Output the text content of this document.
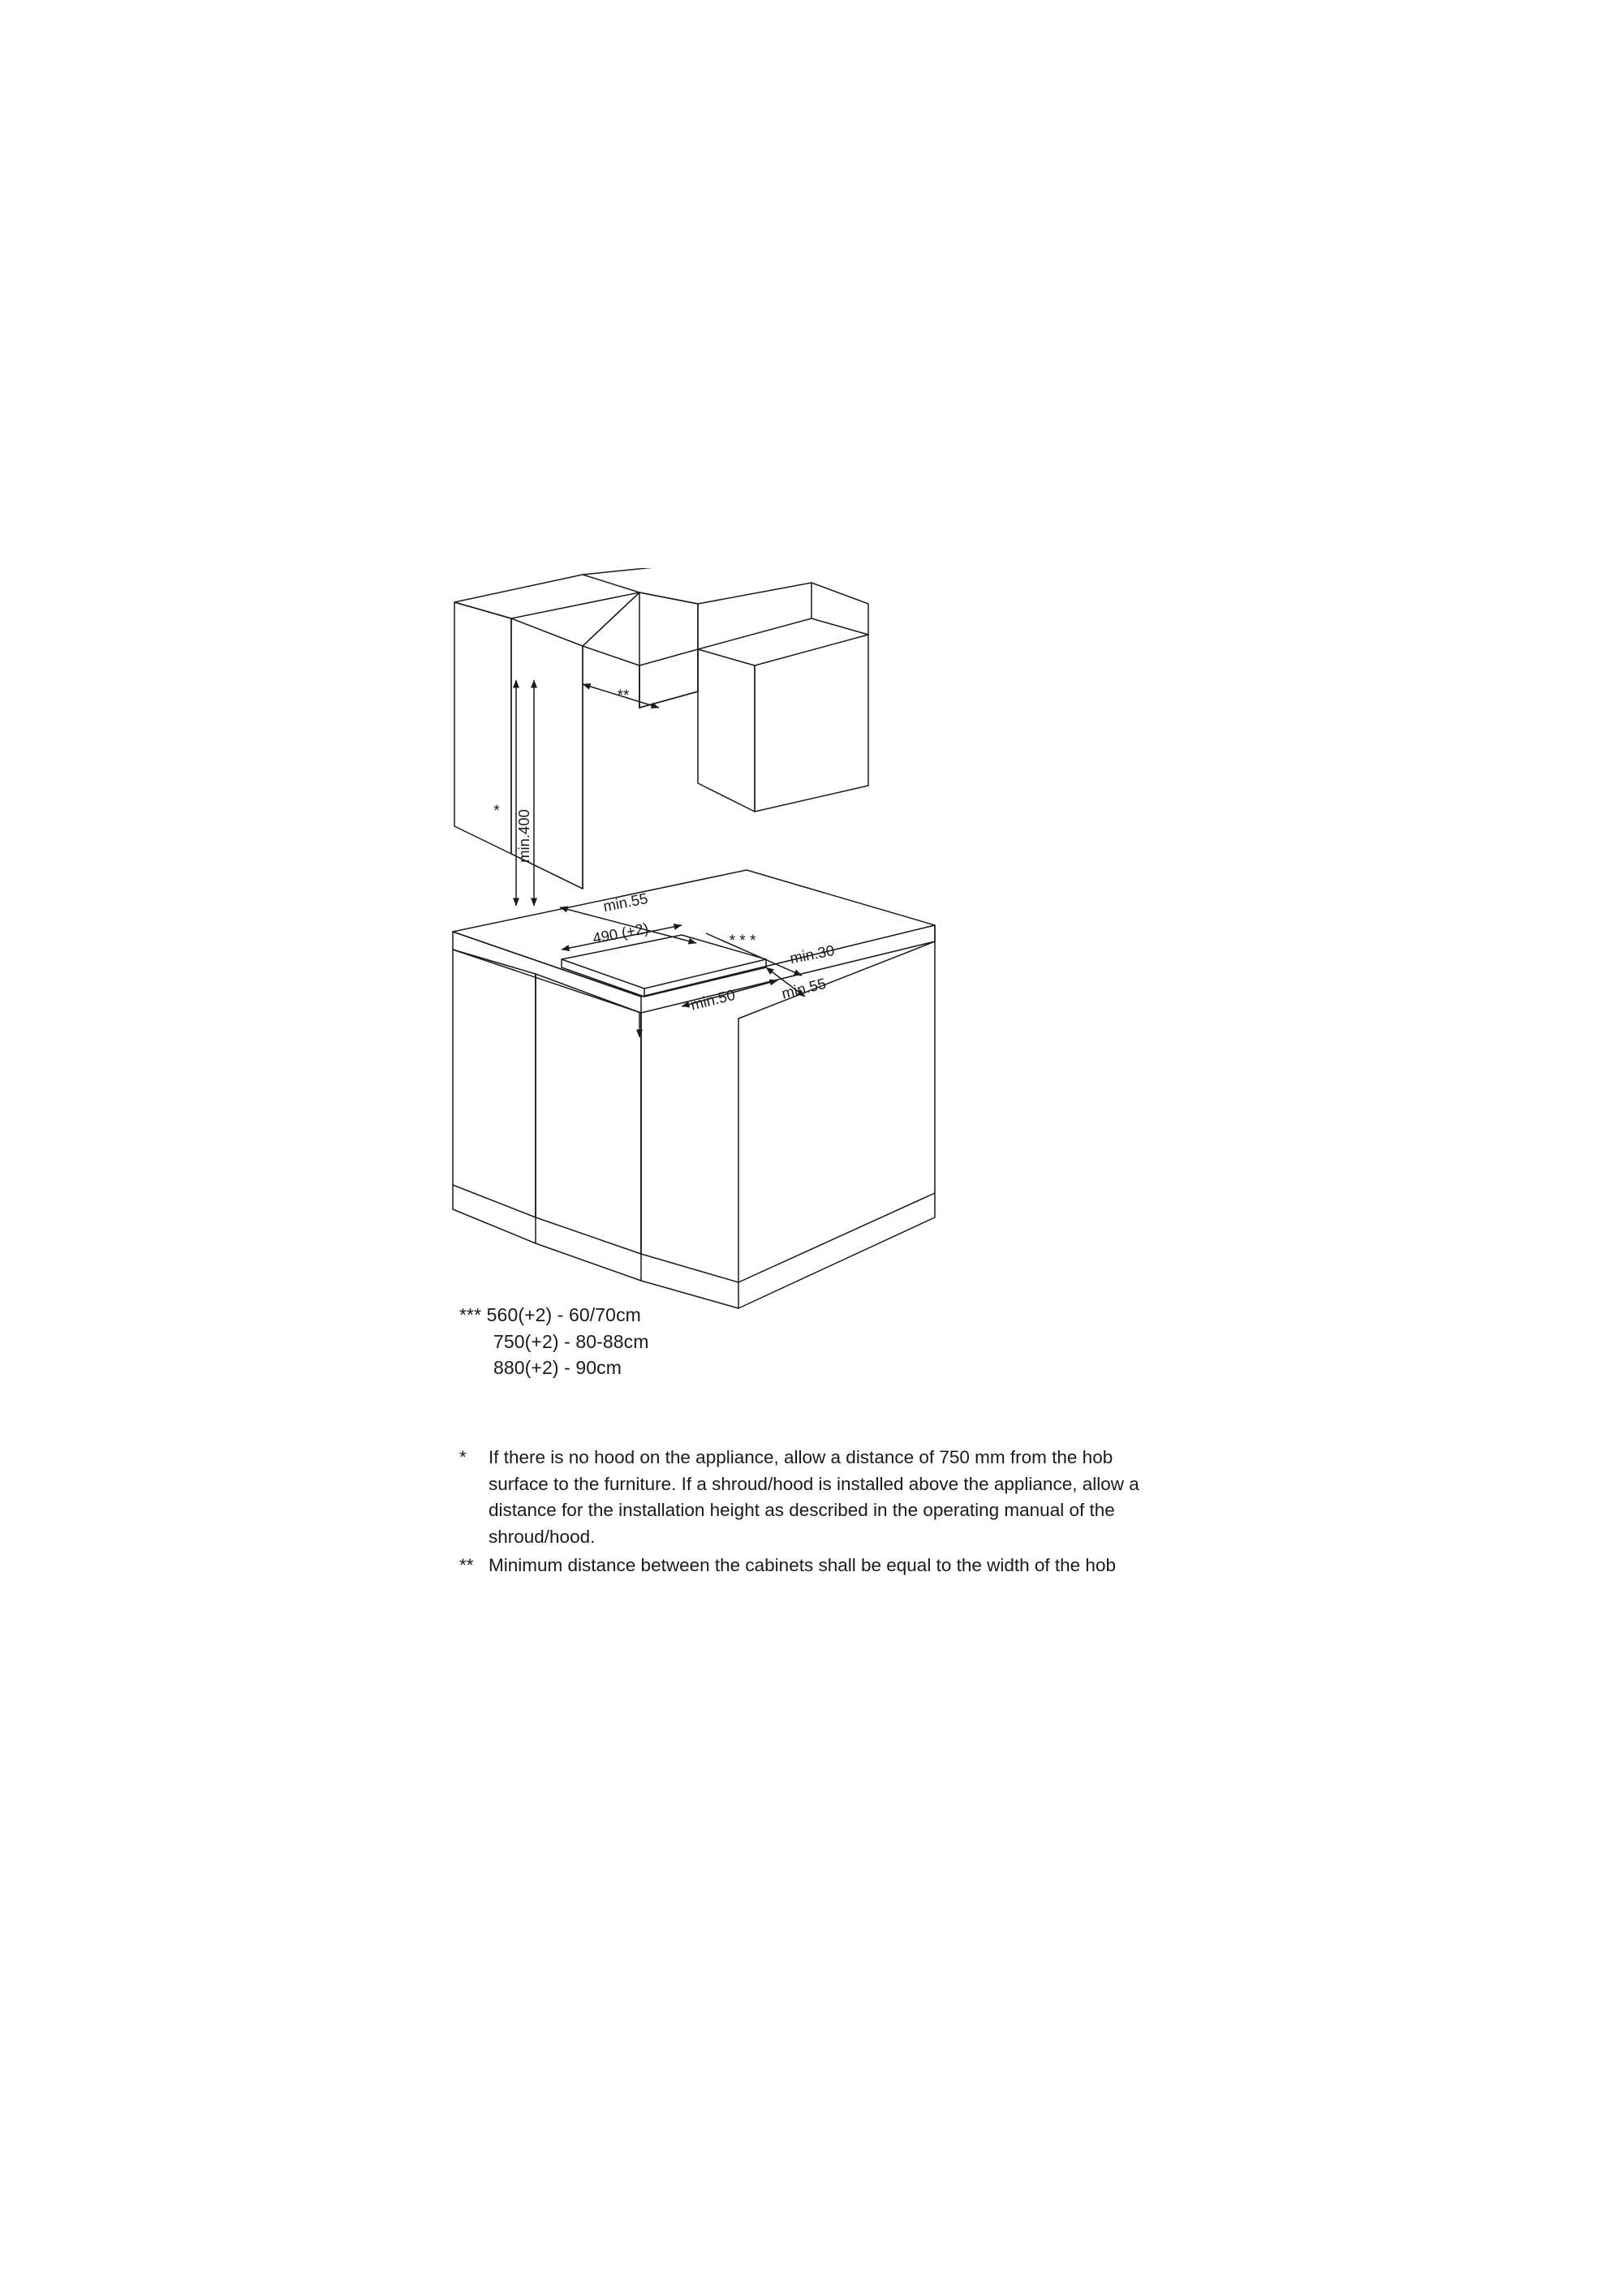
min.400
*
**
min.55
490 (+2)	* * *
min.30
min.50	min.55
*** 560(+2) - 60/70cm
750(+2) - 80-88cm
880(+2) - 90cm
*	If there is no hood on the appliance, allow a distance of 750 mm from the hob surface to the furniture. If a shroud/hood is installed above the appliance, allow a distance for the installation height as described in the operating manual of the shroud/hood.
** Minimum distance between the cabinets shall be equal to the width of the hob
